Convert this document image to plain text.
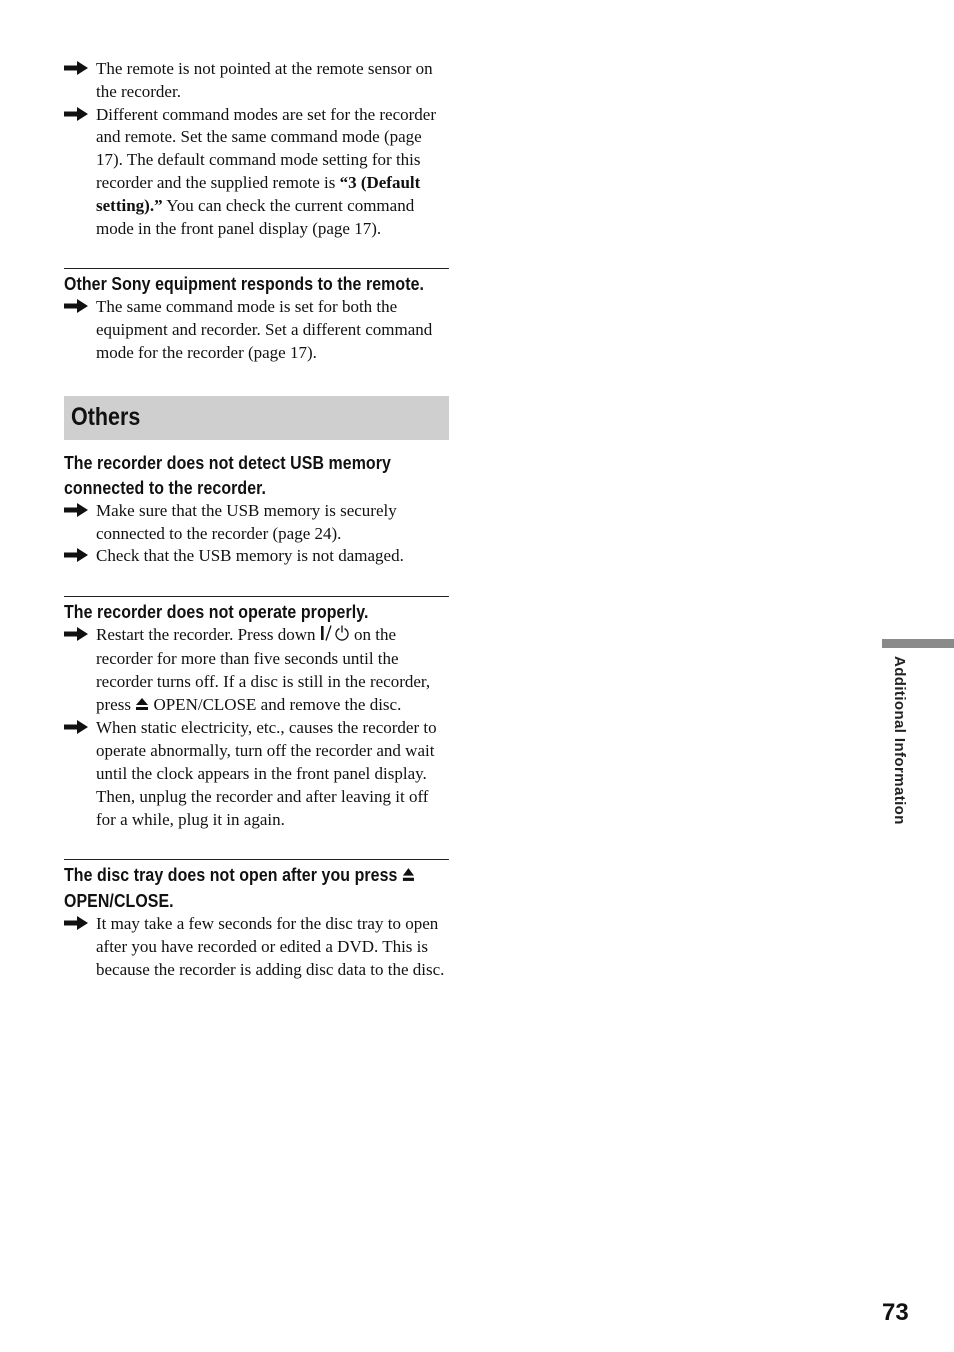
The remote is not pointed at the remote sensor on the recorder.
Different command modes are set for the recorder and remote. Set the same command mode (page 17). The default command mode setting for this recorder and the supplied remote is “3 (Default setting).” You can check the current command mode in the front panel display (page 17).
Other Sony equipment responds to the remote.
The same command mode is set for both the equipment and recorder. Set a different command mode for the recorder (page 17).
Others
The recorder does not detect USB memory connected to the recorder.
Make sure that the USB memory is securely connected to the recorder (page 24).
Check that the USB memory is not damaged.
The recorder does not operate properly.
Restart the recorder. Press down  on the recorder for more than five seconds until the recorder turns off. If a disc is still in the recorder, press  OPEN/CLOSE and remove the disc.
When static electricity, etc., causes the recorder to operate abnormally, turn off the recorder and wait until the clock appears in the front panel display. Then, unplug the recorder and after leaving it off for a while, plug it in again.
The disc tray does not open after you press  OPEN/CLOSE.
It may take a few seconds for the disc tray to open after you have recorded or edited a DVD. This is because the recorder is adding disc data to the disc.
Additional Information
73
